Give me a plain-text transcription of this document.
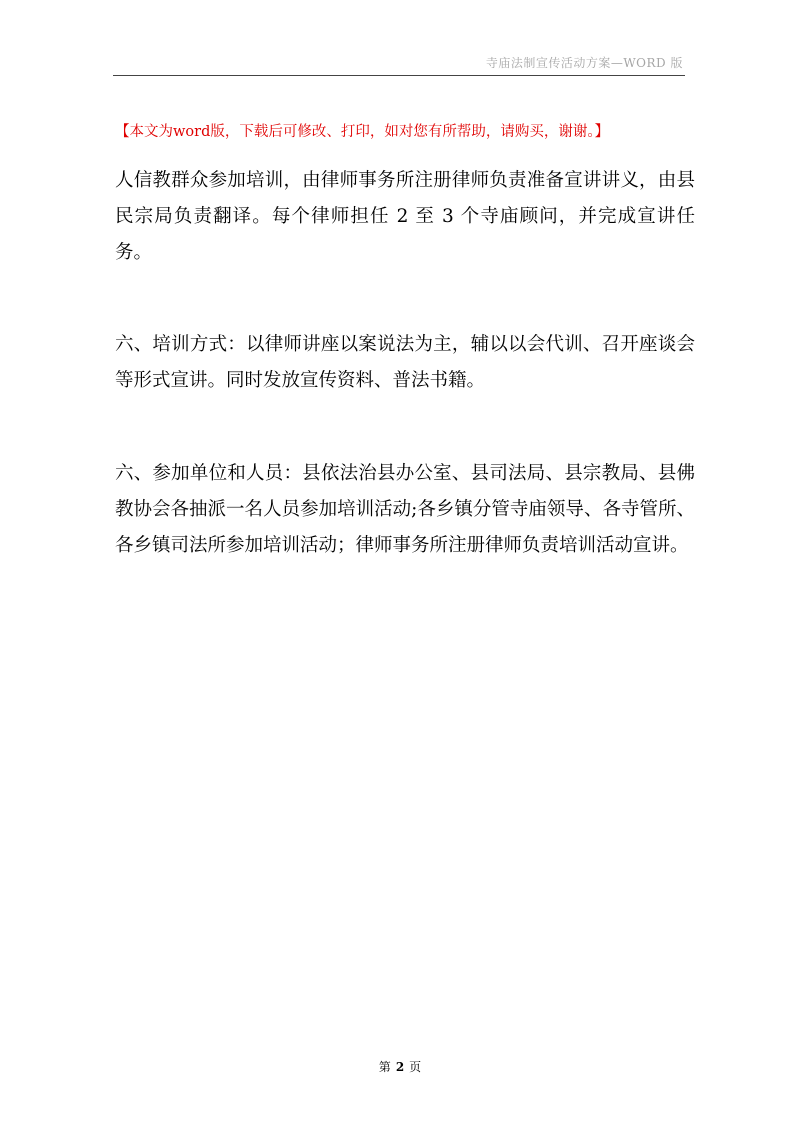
寺庙法制宣传活动方案—WORD 版
【本文为word版，下载后可修改、打印，如对您有所帮助，请购买，谢谢。】
人信教群众参加培训，由律师事务所注册律师负责准备宣讲讲义，由县民宗局负责翻译。每个律师担任 2 至 3 个寺庙顾问，并完成宣讲任务。
六、培训方式：以律师讲座以案说法为主，辅以以会代训、召开座谈会等形式宣讲。同时发放宣传资料、普法书籍。
六、参加单位和人员：县依法治县办公室、县司法局、县宗教局、县佛教协会各抽派一名人员参加培训活动;各乡镇分管寺庙领导、各寺管所、各乡镇司法所参加培训活动；律师事务所注册律师负责培训活动宣讲。
第 2 页
